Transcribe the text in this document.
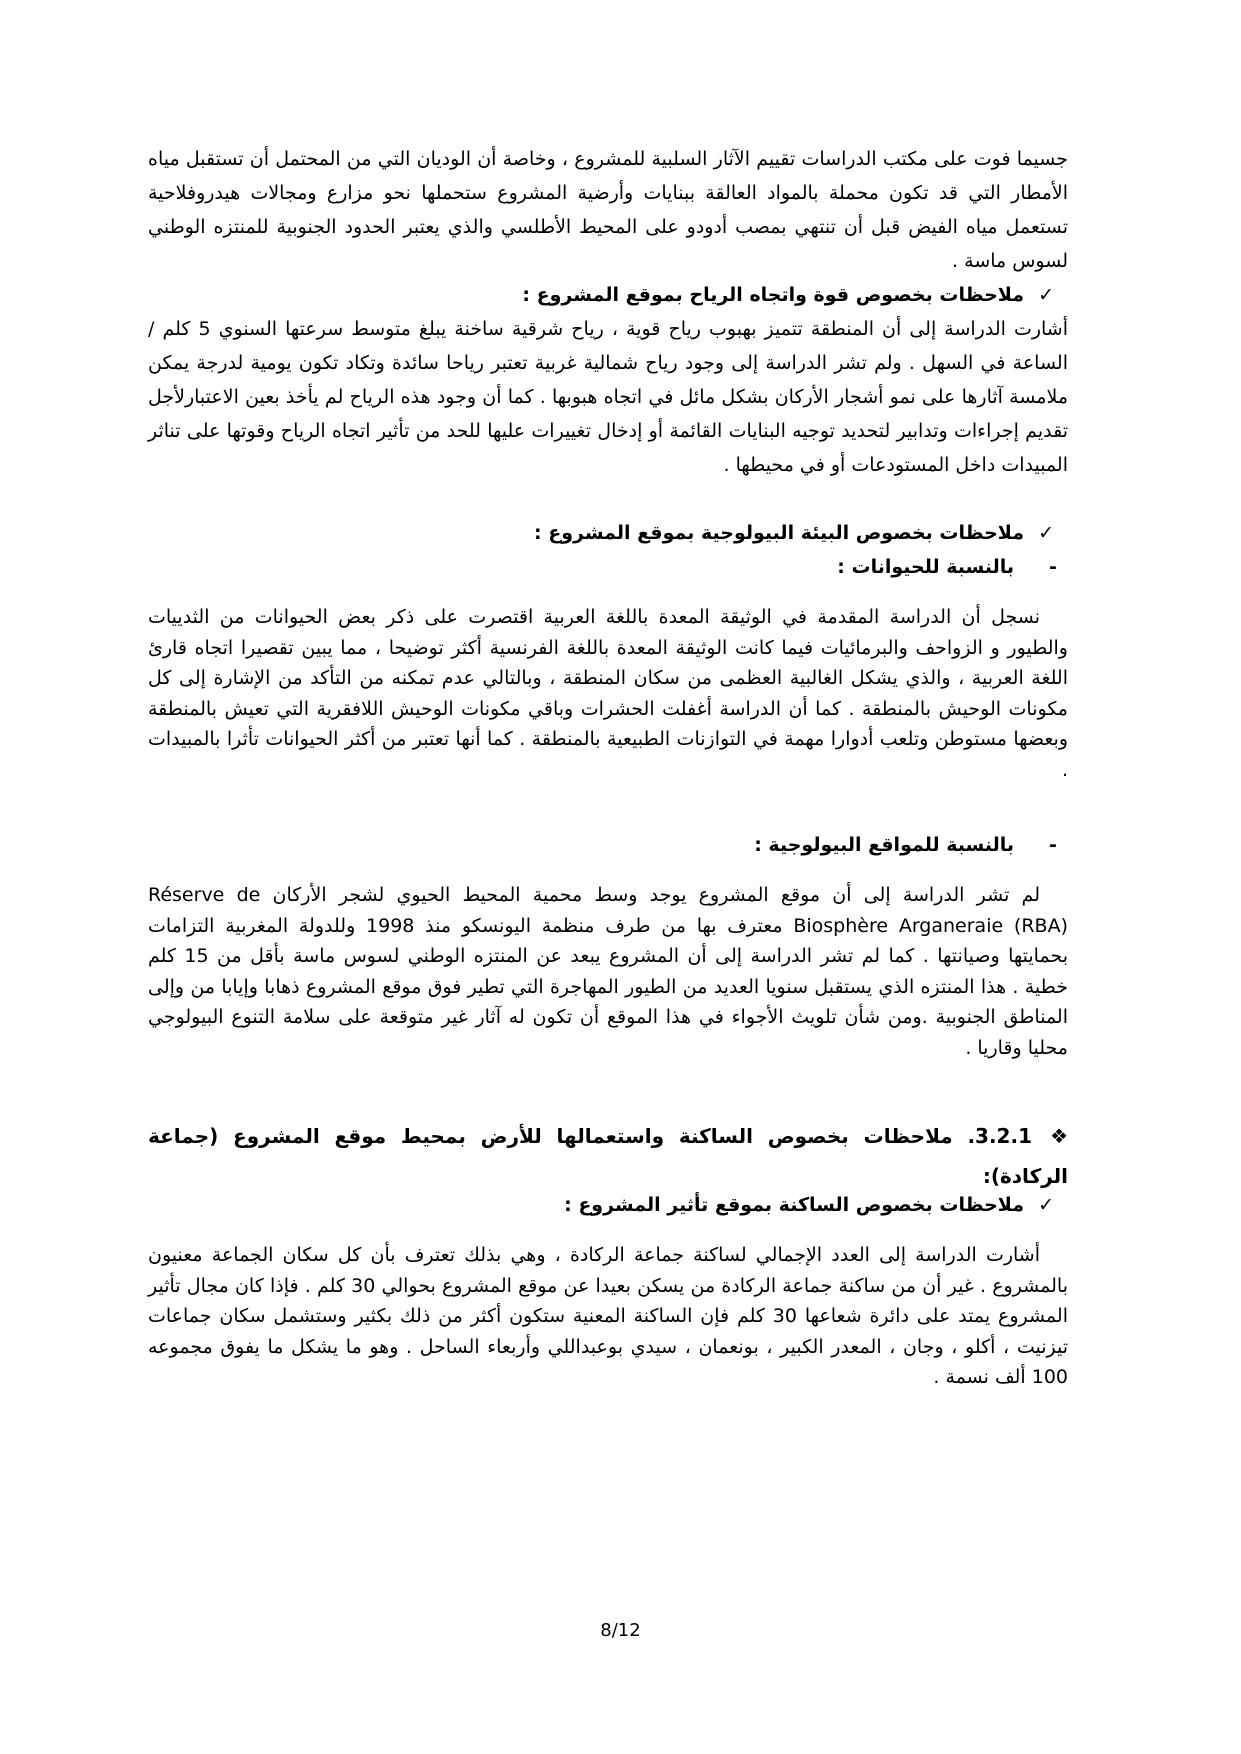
جسيما فوت على مكتب الدراسات تقييم الآثار السلبية للمشروع ، وخاصة أن الوديان التي من المحتمل أن تستقبل مياه الأمطار التي قد تكون محملة بالمواد العالقة ببنايات وأرضية المشروع ستحملها نحو مزارع ومجالات هيدروفلاحية تستعمل مياه الفيض قبل أن تنتهي بمصب أدودو على المحيط الأطلسي والذي يعتبر الحدود الجنوبية للمنتزه الوطني لسوس ماسة .

✓ملاحظات بخصوص قوة واتجاه الرياح بموقع المشروع :

أشارت الدراسة إلى أن المنطقة تتميز بهبوب رياح قوية ، رياح شرقية ساخنة يبلغ متوسط سرعتها السنوي 5 كلم /الساعة في السهل . ولم تشر الدراسة إلى وجود رياح شمالية غربية تعتبر رياحا سائدة وتكاد تكون يومية لدرجة يمكن ملامسة آثارها على نمو أشجار الأركان بشكل مائل في اتجاه هبوبها . كما أن وجود هذه الرياح لم يأخذ بعين الاعتبارلأجل تقديم إجراءات وتدابير لتحديد توجيه البنايات القائمة أو إدخال تغييرات عليها للحد من تأثير اتجاه الرياح وقوتها على تناثر المبيدات داخل المستودعات أو في محيطها .

✓ملاحظات بخصوص البيئة البيولوجية بموقع المشروع :

-بالنسبة للحيوانات :

نسجل أن الدراسة المقدمة في الوثيقة المعدة باللغة العربية اقتصرت على ذكر بعض الحيوانات من الثدييات والطيور و الزواحف والبرمائيات فيما كانت الوثيقة المعدة باللغة الفرنسية أكثر توضيحا ، مما يبين تقصيرا اتجاه قارئ اللغة العربية ، والذي يشكل الغالبية العظمى من سكان المنطقة ، وبالتالي عدم تمكنه من التأكد من الإشارة إلى كل مكونات الوحيش بالمنطقة . كما أن الدراسة أغفلت الحشرات وباقي مكونات الوحيش اللافقرية التي تعيش بالمنطقة وبعضها مستوطن وتلعب أدوارا مهمة في التوازنات الطبيعية بالمنطقة . كما أنها تعتبر من أكثر الحيوانات تأثرا بالمبيدات .

-بالنسبة للمواقع البيولوجية :

لم تشر الدراسة إلى أن موقع المشروع يوجد وسط محمية المحيط الحيوي لشجر الأركان Réserve de Biosphère Arganeraie (RBA) معترف بها من طرف منظمة اليونسكو منذ 1998 وللدولة المغربية التزامات بحمايتها وصيانتها . كما لم تشر الدراسة إلى أن المشروع يبعد عن المنتزه الوطني لسوس ماسة بأقل من 15 كلم خطية . هذا المنتزه الذي يستقبل سنويا العديد من الطيور المهاجرة التي تطير فوق موقع المشروع ذهابا وإيابا من وإلى المناطق الجنوبية .ومن شأن تلويث الأجواء في هذا الموقع أن تكون له آثار غير متوقعة على سلامة التنوع البيولوجي محليا وقاريا .

❖3.2.1. ملاحظات بخصوص الساكنة واستعمالها للأرض بمحيط موقع المشروع (جماعة الركادة):

✓ملاحظات بخصوص الساكنة بموقع تأثير المشروع :

أشارت الدراسة إلى العدد الإجمالي لساكنة جماعة الركادة ، وهي بذلك تعترف بأن كل سكان الجماعة معنيون بالمشروع . غير أن من ساكنة جماعة الركادة من يسكن بعيدا عن موقع المشروع بحوالي 30 كلم . فإذا كان مجال تأثير المشروع يمتد على دائرة شعاعها 30 كلم فإن الساكنة المعنية ستكون أكثر من ذلك بكثير وستشمل سكان جماعات تيزنيت ، أكلو ، وجان ، المعدر الكبير ، بونعمان ، سيدي بوعبداللي وأربعاء الساحل . وهو ما يشكل ما يفوق مجموعه 100 ألف نسمة .

8/12
